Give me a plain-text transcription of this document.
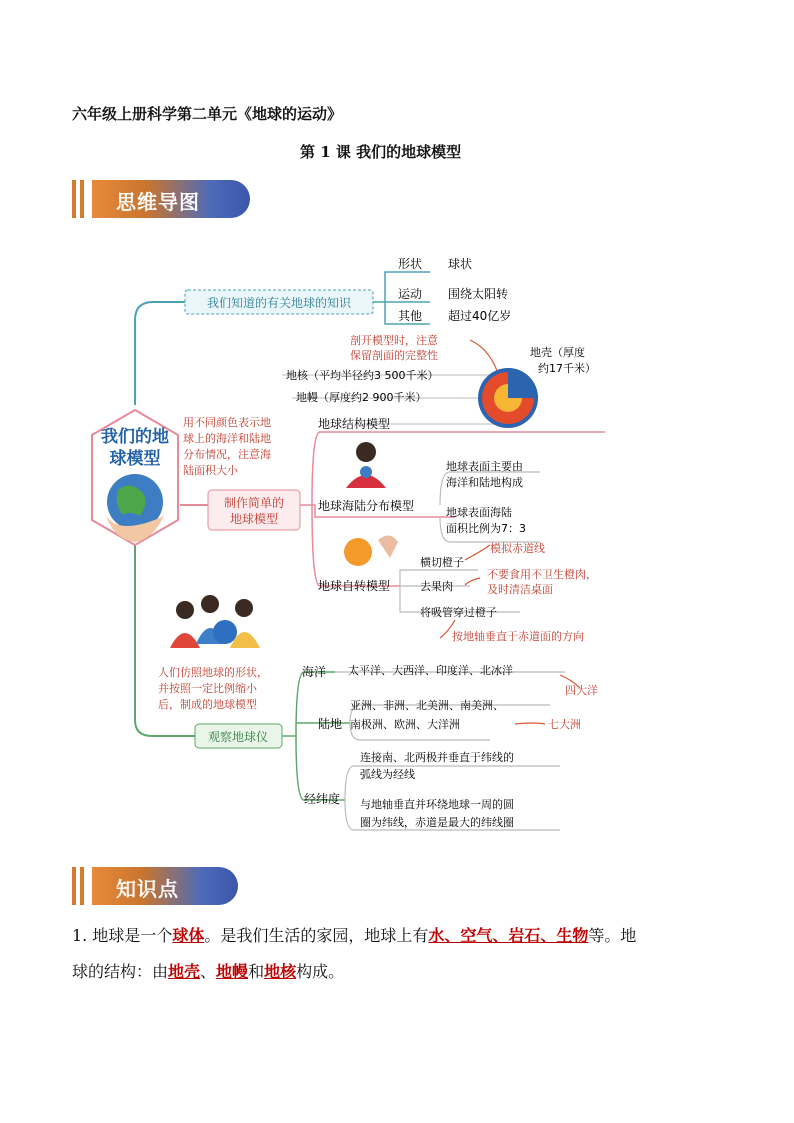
六年级上册科学第二单元《地球的运动》
第 1 课 我们的地球模型
思维导图
我们知道的有关地球的知识
形状 球状
运动 围绕太阳转
其他 超过40亿岁
剖开模型时，注意
保留剖面的完整性
地核（平均半径约3 500千米）
地幔（厚度约2 900千米）
地壳（厚度
约17千米）
我们的地
球模型
用不同颜色表示地
球上的海洋和陆地
分布情况，注意海
陆面积大小
制作简单的
地球模型
地球结构模型
地球海陆分布模型
地球表面主要由
海洋和陆地构成
地球表面海陆
面积比例为7：3
地球自转模型
横切橙子
去果肉
将吸管穿过橙子
模拟赤道线
不要食用不卫生橙肉，
及时清洁桌面
按地轴垂直于赤道面的方向
人们仿照地球的形状，
并按照一定比例缩小
后，制成的地球模型
观察地球仪
海洋 太平洋、大西洋、印度洋、北冰洋
四大洋
陆地
亚洲、非洲、北美洲、南美洲、
南极洲、欧洲、大洋洲	七大洲
经纬度
连接南、北两极并垂直于纬线的
弧线为经线
与地轴垂直并环绕地球一周的圆
圈为纬线，赤道是最大的纬线圈
知识点
1. 地球是一个球体。是我们生活的家园，地球上有水、空气、岩石、生物等。地
球的结构：由地壳、地幔和地核构成。
